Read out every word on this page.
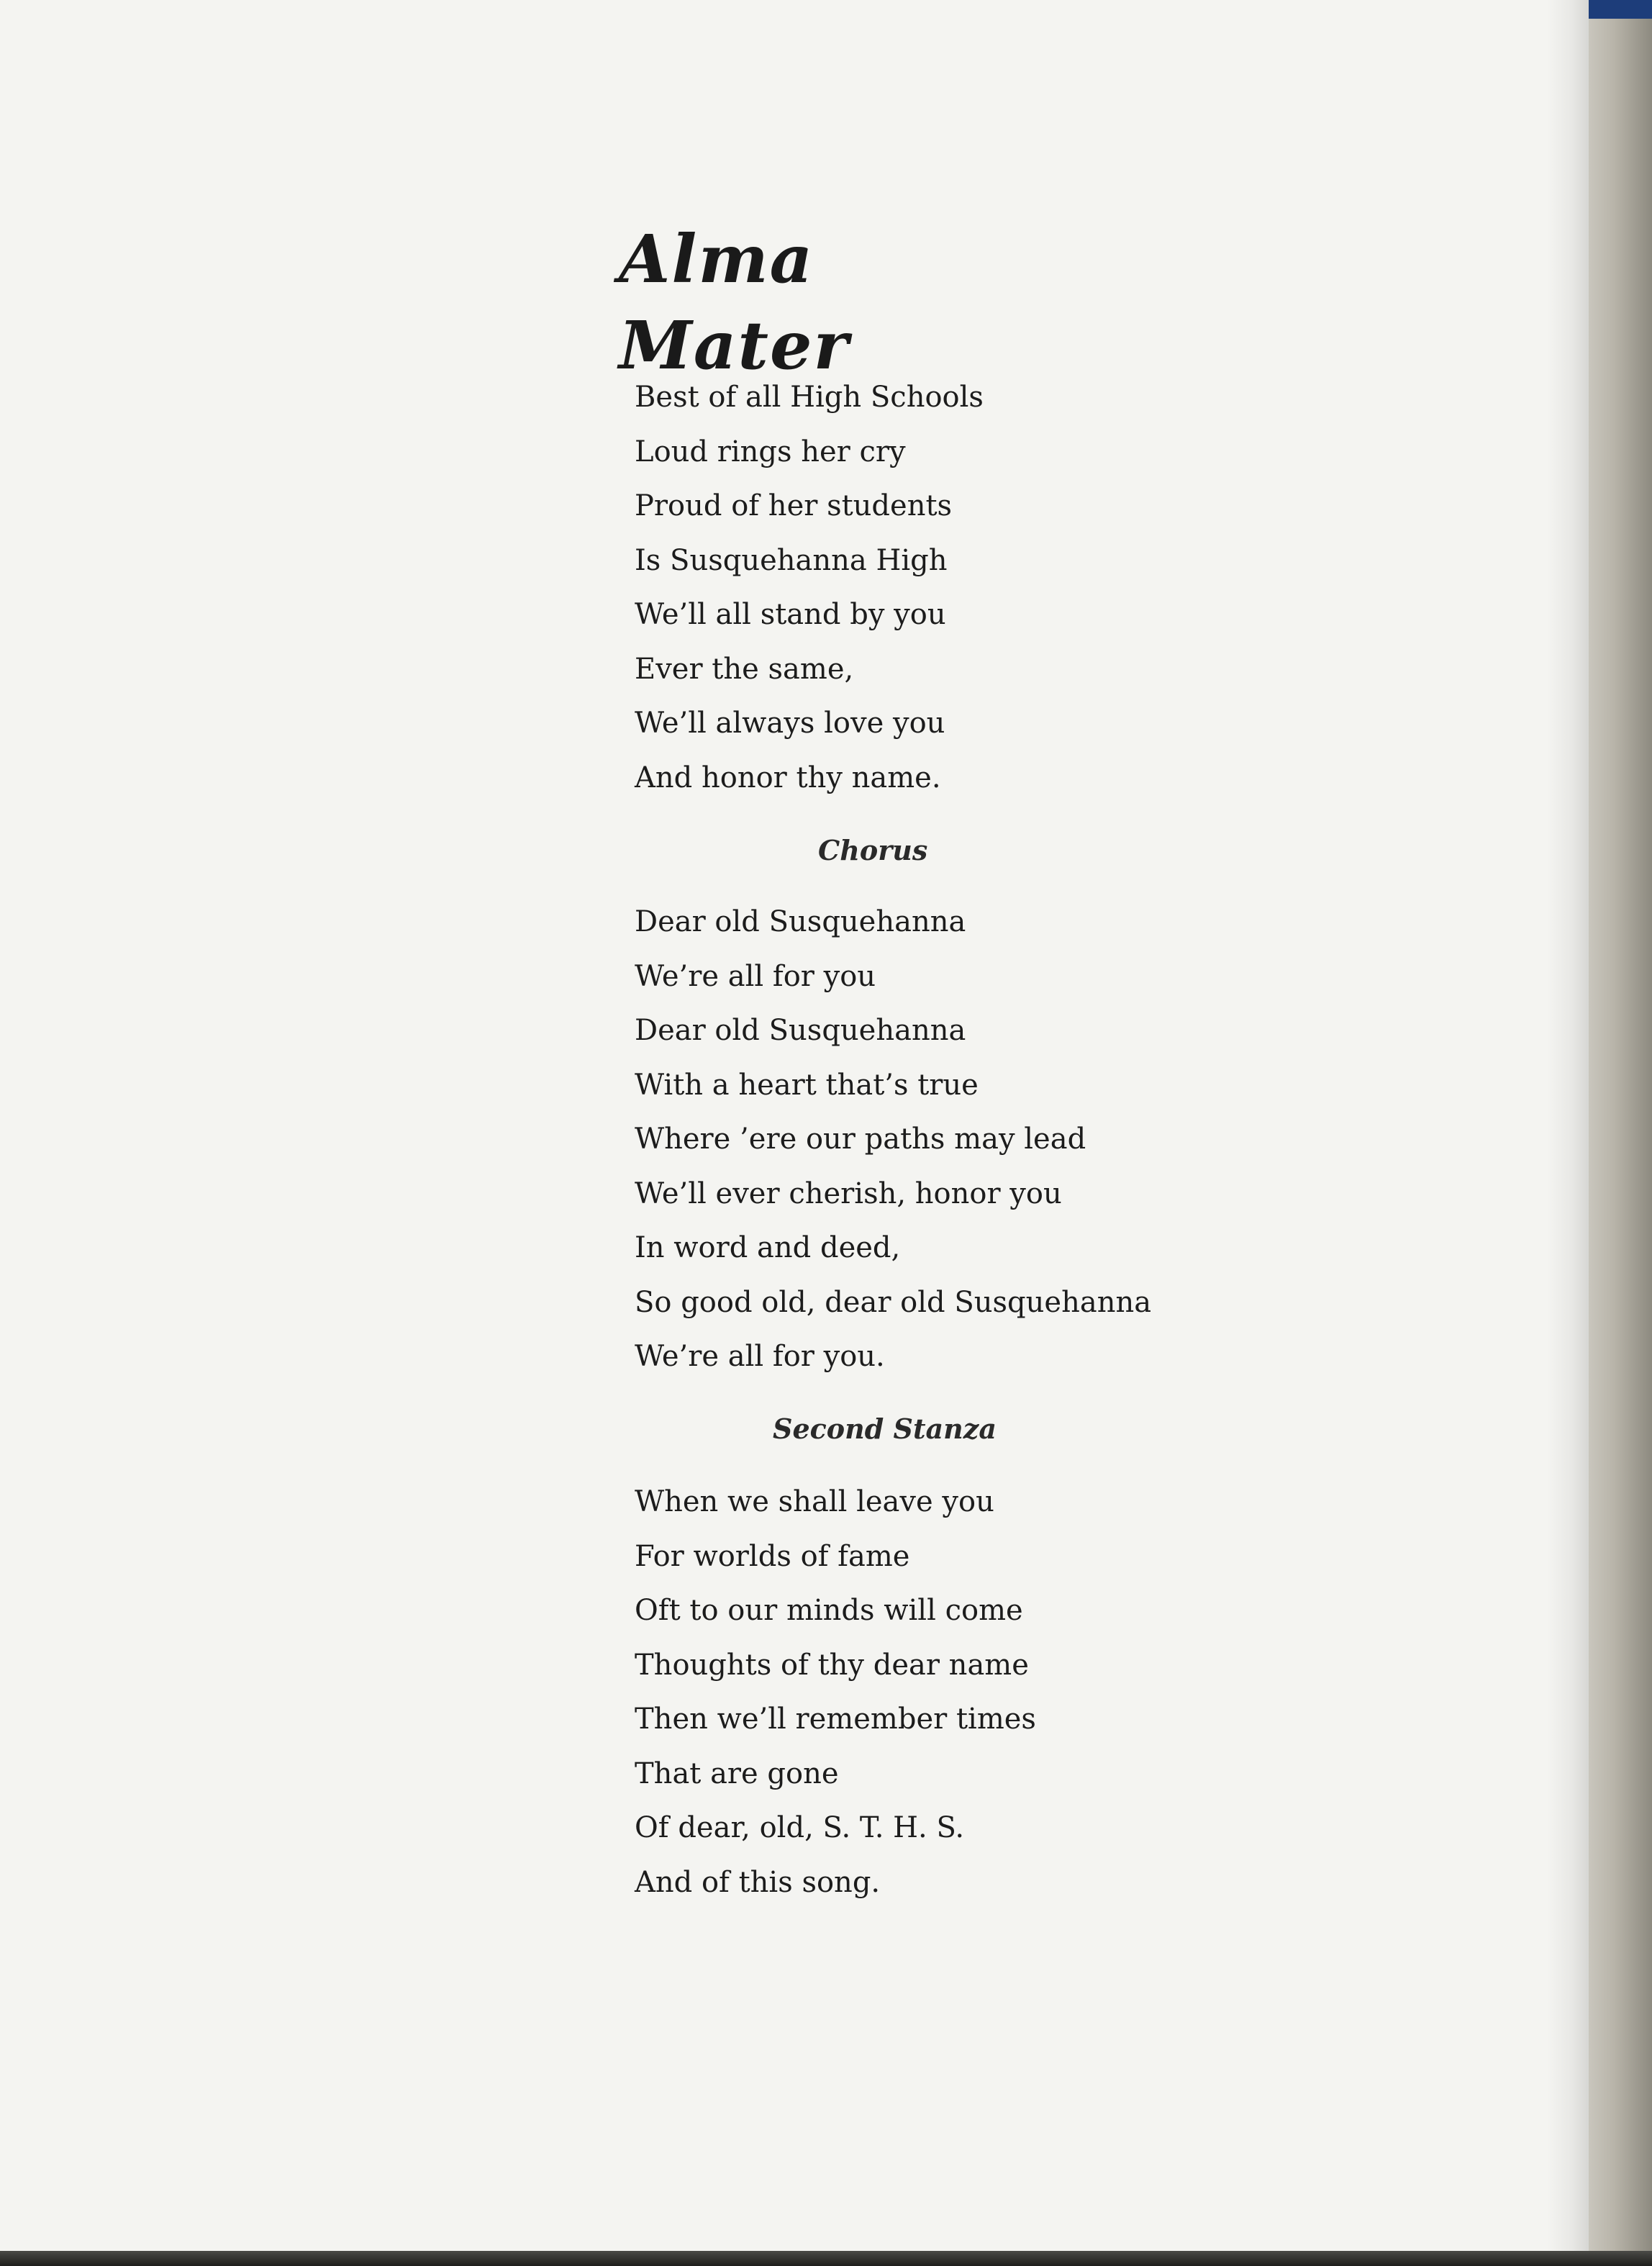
Alma Mater
Best of all High Schools
Loud rings her cry
Proud of her students
Is Susquehanna High
We’ll all stand by you
Ever the same,
We’ll always love you
And honor thy name.
Chorus
Dear old Susquehanna
We’re all for you
Dear old Susquehanna
With a heart that’s true
Where ’ere our paths may lead
We’ll ever cherish, honor you
In word and deed,
So good old, dear old Susquehanna
We’re all for you.
Second Stanza
When we shall leave you
For worlds of fame
Oft to our minds will come
Thoughts of thy dear name
Then we’ll remember times
That are gone
Of dear, old, S. T. H. S.
And of this song.
